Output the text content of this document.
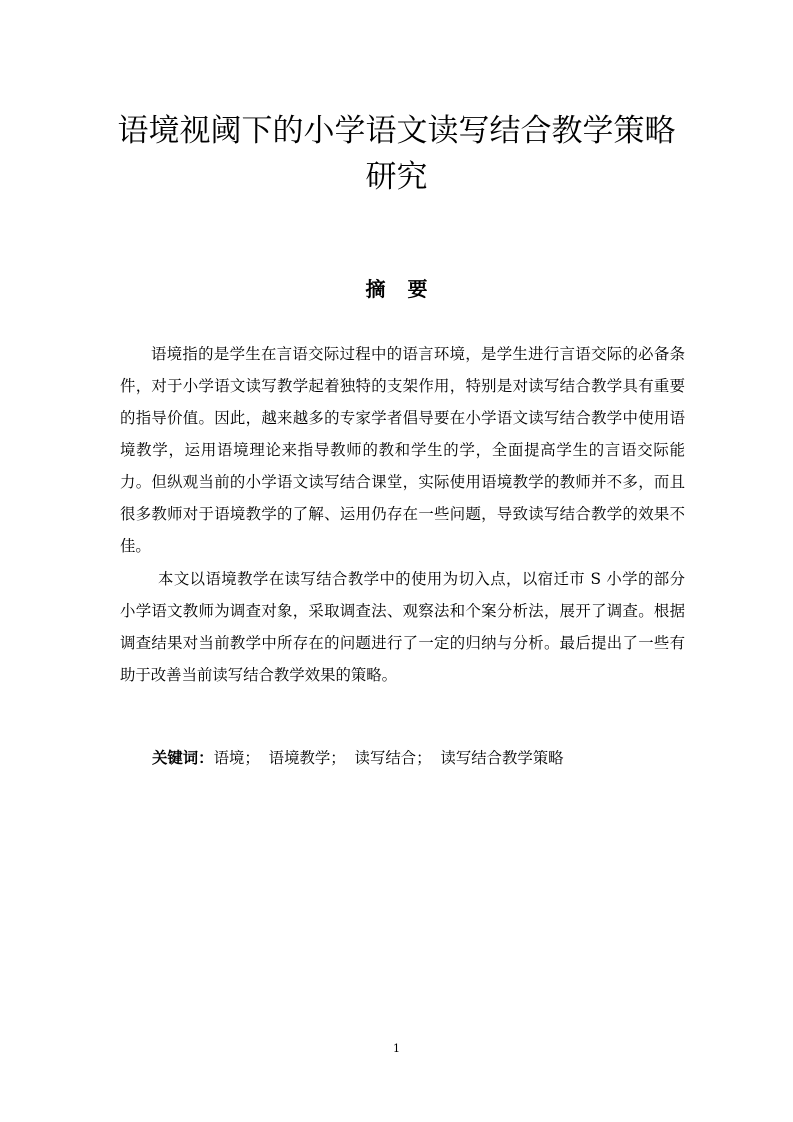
语境视阈下的小学语文读写结合教学策略研究
摘要

语境指的是学生在言语交际过程中的语言环境，是学生进行言语交际的必备条件，对于小学语文读写教学起着独特的支架作用，特别是对读写结合教学具有重要的指导价值。因此，越来越多的专家学者倡导要在小学语文读写结合教学中使用语境教学，运用语境理论来指导教师的教和学生的学，全面提高学生的言语交际能力。但纵观当前的小学语文读写结合课堂，实际使用语境教学的教师并不多，而且很多教师对于语境教学的了解、运用仍存在一些问题，导致读写结合教学的效果不佳。

本文以语境教学在读写结合教学中的使用为切入点，以宿迁市 S 小学的部分小学语文教师为调查对象，采取调查法、观察法和个案分析法，展开了调查。根据调查结果对当前教学中所存在的问题进行了一定的归纳与分析。最后提出了一些有助于改善当前读写结合教学效果的策略。

关键词：语境； 语境教学； 读写结合； 读写结合教学策略

1
